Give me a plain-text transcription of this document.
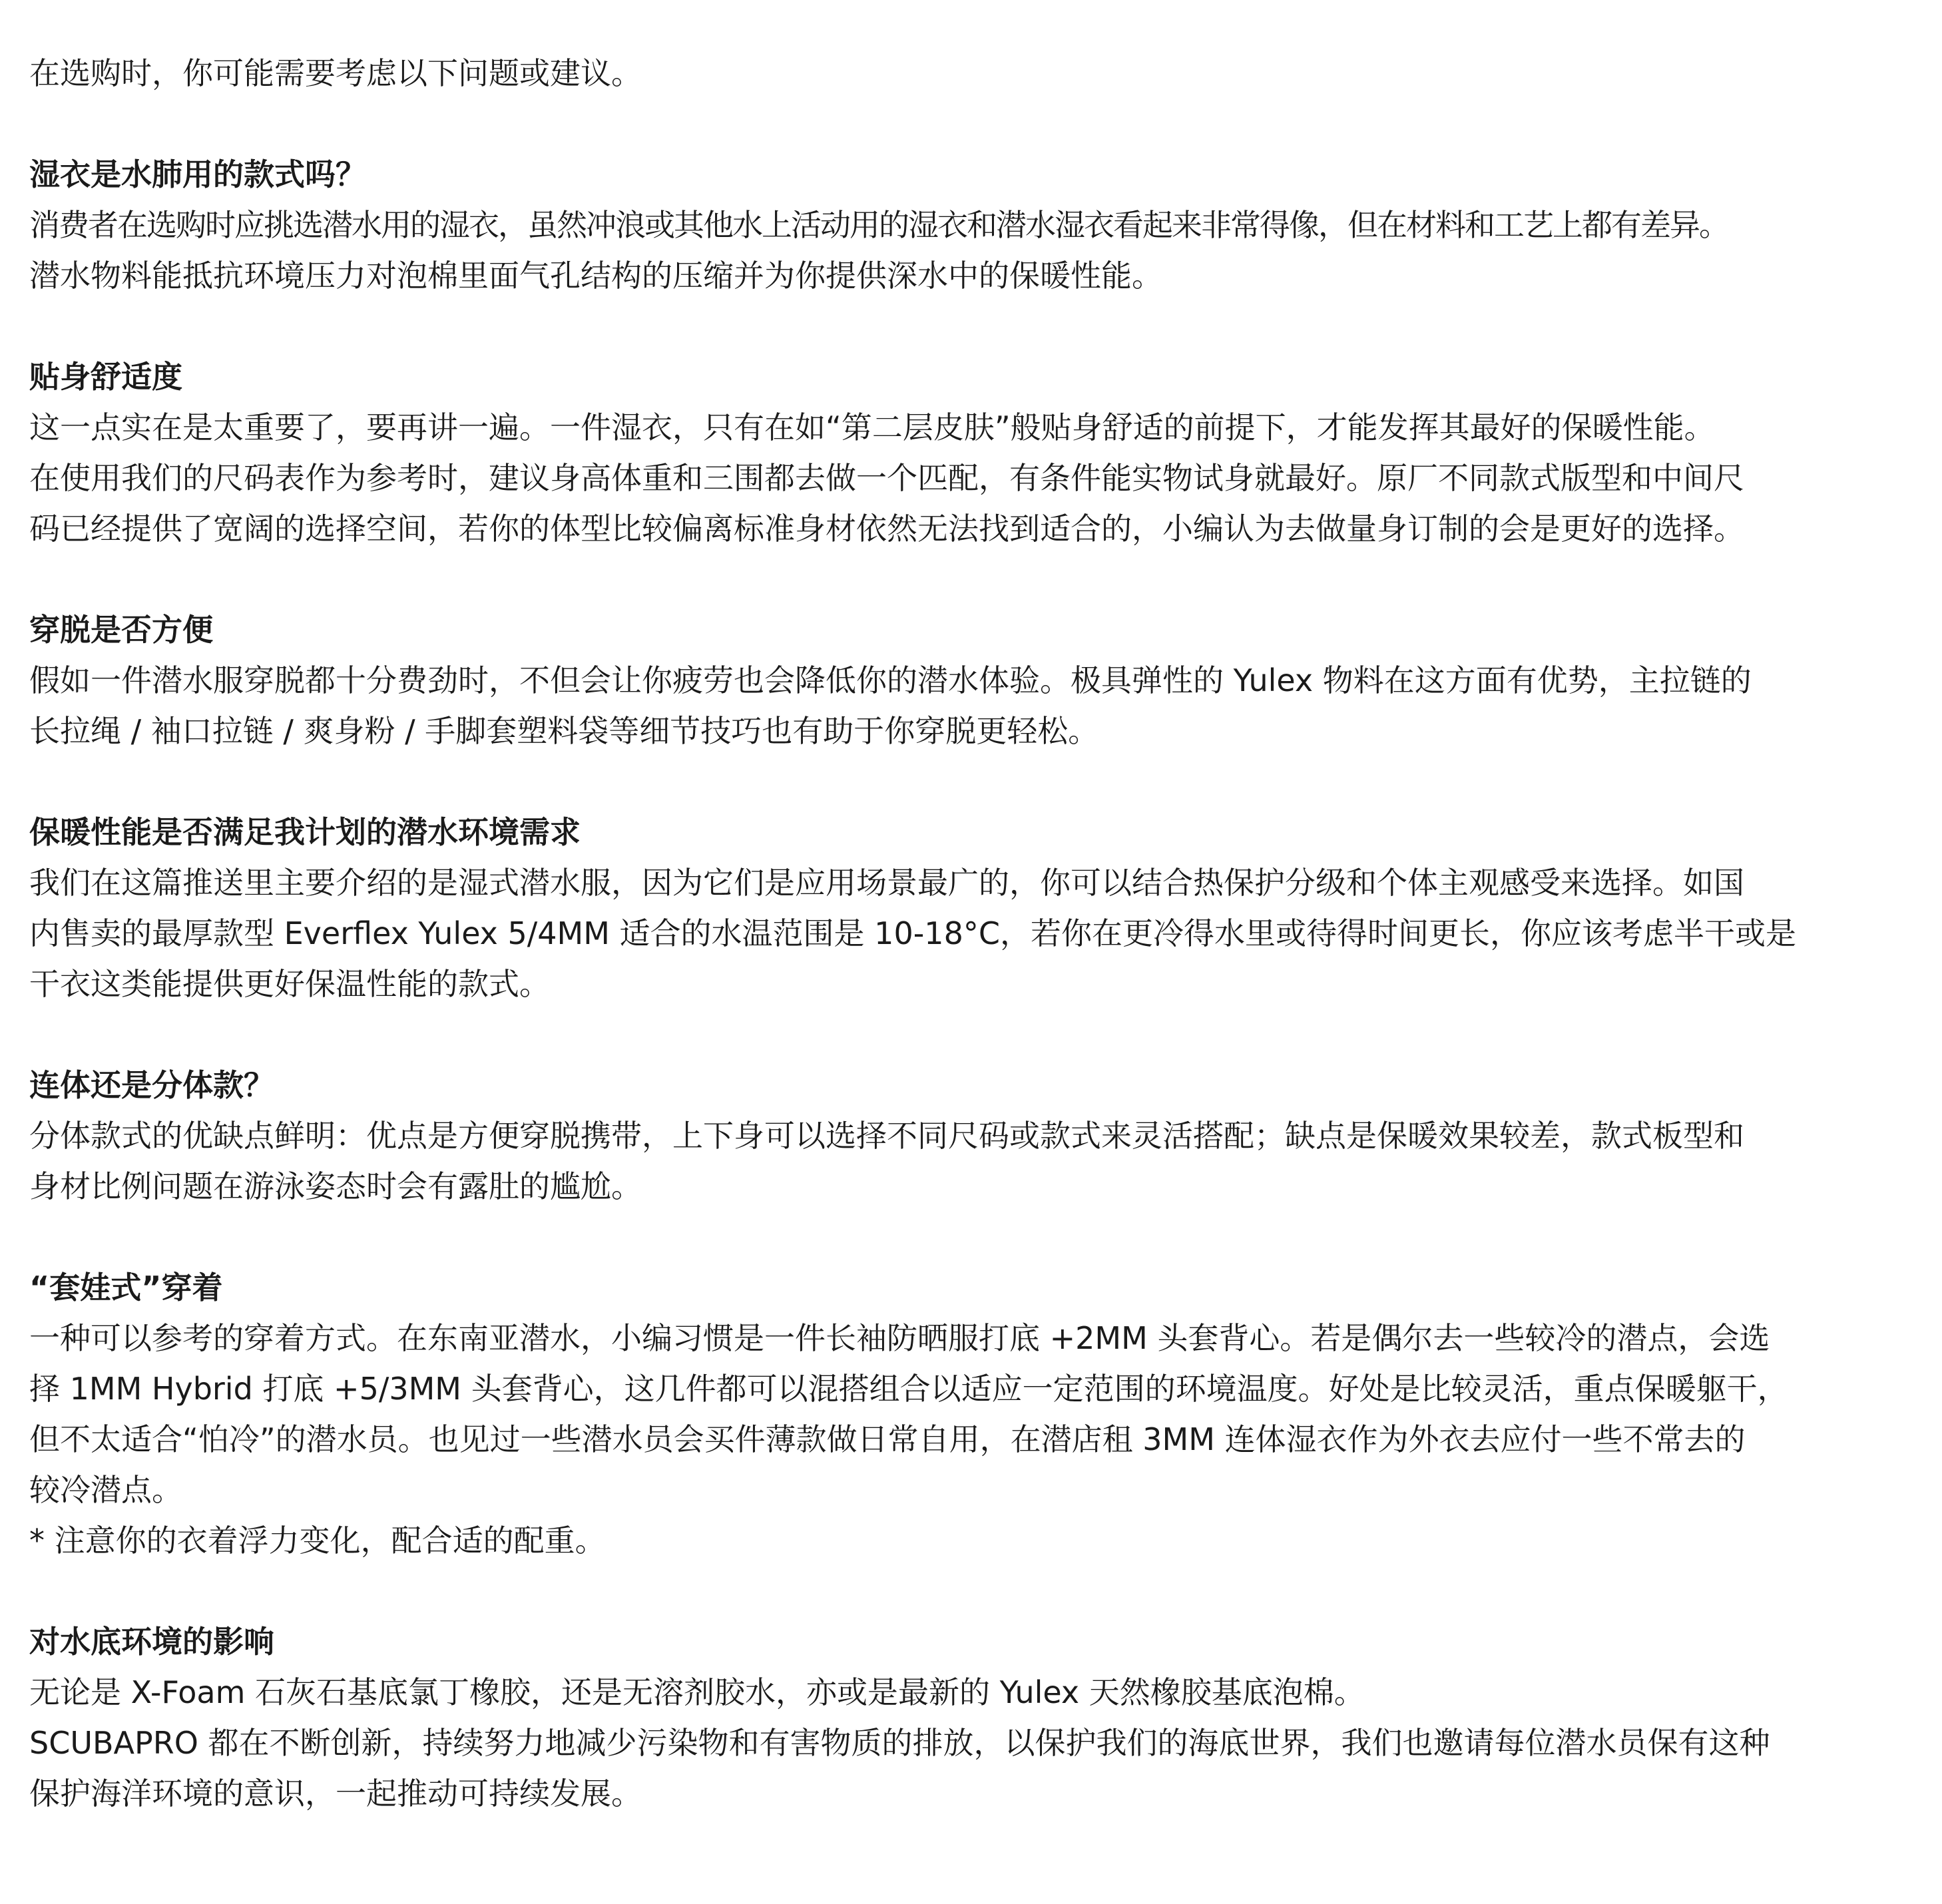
在选购时，你可能需要考虑以下问题或建议。

湿衣是水肺用的款式吗？

消费者在选购时应挑选潜水用的湿衣，虽然冲浪或其他水上活动用的湿衣和潜水湿衣看起来非常得像，但在材料和工艺上都有差异。

潜水物料能抵抗环境压力对泡棉里面气孔结构的压缩并为你提供深水中的保暖性能。

贴身舒适度

这一点实在是太重要了，要再讲一遍。一件湿衣，只有在如“第二层皮肤”般贴身舒适的前提下，才能发挥其最好的保暖性能。

在使用我们的尺码表作为参考时，建议身高体重和三围都去做一个匹配，有条件能实物试身就最好。原厂不同款式版型和中间尺

码已经提供了宽阔的选择空间，若你的体型比较偏离标准身材依然无法找到适合的，小编认为去做量身订制的会是更好的选择。

穿脱是否方便

假如一件潜水服穿脱都十分费劲时，不但会让你疲劳也会降低你的潜水体验。极具弹性的 Yulex 物料在这方面有优势，主拉链的

长拉绳 / 袖口拉链 / 爽身粉 / 手脚套塑料袋等细节技巧也有助于你穿脱更轻松。

保暖性能是否满足我计划的潜水环境需求

我们在这篇推送里主要介绍的是湿式潜水服，因为它们是应用场景最广的，你可以结合热保护分级和个体主观感受来选择。如国

内售卖的最厚款型 Everflex Yulex 5/4MM 适合的水温范围是 10-18°C，若你在更冷得水里或待得时间更长，你应该考虑半干或是

干衣这类能提供更好保温性能的款式。

连体还是分体款？

分体款式的优缺点鲜明：优点是方便穿脱携带，上下身可以选择不同尺码或款式来灵活搭配；缺点是保暖效果较差，款式板型和

身材比例问题在游泳姿态时会有露肚的尴尬。

“套娃式”穿着

一种可以参考的穿着方式。在东南亚潜水，小编习惯是一件长袖防晒服打底 +2MM 头套背心。若是偶尔去一些较冷的潜点，会选

择 1MM Hybrid 打底 +5/3MM 头套背心，这几件都可以混搭组合以适应一定范围的环境温度。好处是比较灵活，重点保暖躯干，

但不太适合“怕冷”的潜水员。也见过一些潜水员会买件薄款做日常自用，在潜店租 3MM 连体湿衣作为外衣去应付一些不常去的

较冷潜点。

* 注意你的衣着浮力变化，配合适的配重。

对水底环境的影响

无论是 X-Foam 石灰石基底氯丁橡胶，还是无溶剂胶水，亦或是最新的 Yulex 天然橡胶基底泡棉。

SCUBAPRO 都在不断创新，持续努力地减少污染物和有害物质的排放，以保护我们的海底世界，我们也邀请每位潜水员保有这种

保护海洋环境的意识，一起推动可持续发展。
